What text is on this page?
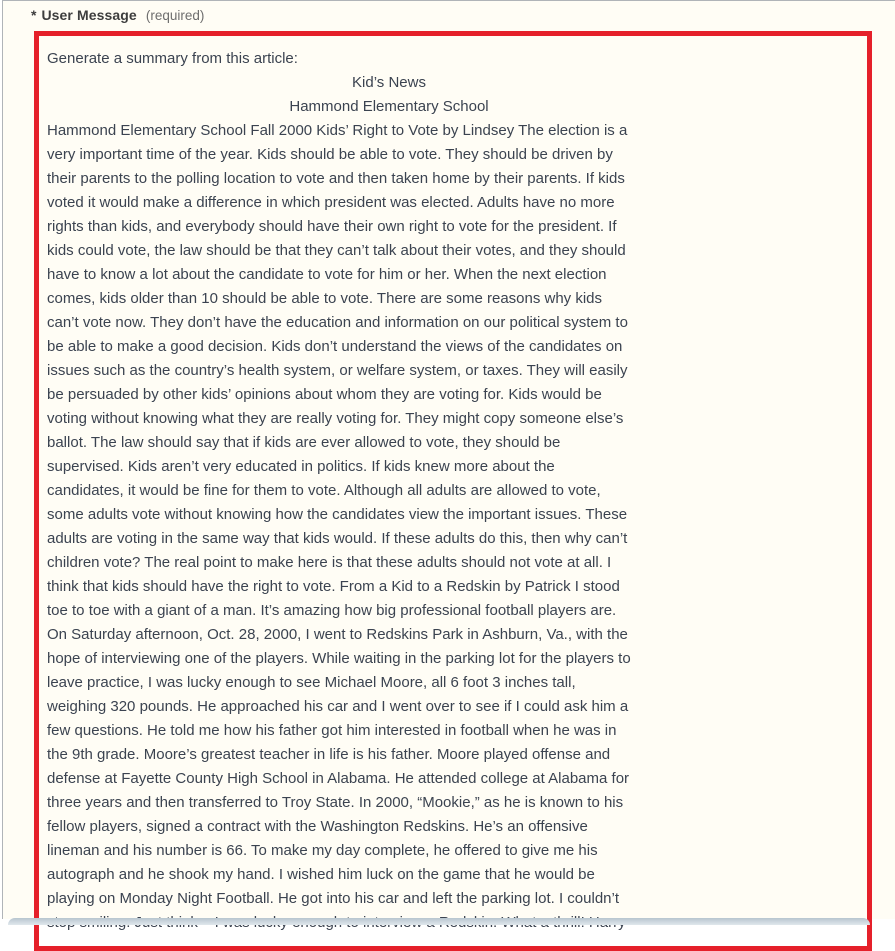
* User Message (required)
Generate a summary from this article:
Kid’s News
Hammond Elementary School
Hammond Elementary School Fall 2000 Kids’ Right to Vote by Lindsey The election is a
very important time of the year. Kids should be able to vote. They should be driven by
their parents to the polling location to vote and then taken home by their parents. If kids
voted it would make a difference in which president was elected. Adults have no more
rights than kids, and everybody should have their own right to vote for the president. If
kids could vote, the law should be that they can’t talk about their votes, and they should
have to know a lot about the candidate to vote for him or her. When the next election
comes, kids older than 10 should be able to vote. There are some reasons why kids
can’t vote now. They don’t have the education and information on our political system to
be able to make a good decision. Kids don’t understand the views of the candidates on
issues such as the country’s health system, or welfare system, or taxes. They will easily
be persuaded by other kids’ opinions about whom they are voting for. Kids would be
voting without knowing what they are really voting for. They might copy someone else’s
ballot. The law should say that if kids are ever allowed to vote, they should be
supervised. Kids aren’t very educated in politics. If kids knew more about the
candidates, it would be fine for them to vote. Although all adults are allowed to vote,
some adults vote without knowing how the candidates view the important issues. These
adults are voting in the same way that kids would. If these adults do this, then why can’t
children vote? The real point to make here is that these adults should not vote at all. I
think that kids should have the right to vote. From a Kid to a Redskin by Patrick I stood
toe to toe with a giant of a man. It’s amazing how big professional football players are.
On Saturday afternoon, Oct. 28, 2000, I went to Redskins Park in Ashburn, Va., with the
hope of interviewing one of the players. While waiting in the parking lot for the players to
leave practice, I was lucky enough to see Michael Moore, all 6 foot 3 inches tall,
weighing 320 pounds. He approached his car and I went over to see if I could ask him a
few questions. He told me how his father got him interested in football when he was in
the 9th grade. Moore’s greatest teacher in life is his father. Moore played offense and
defense at Fayette County High School in Alabama. He attended college at Alabama for
three years and then transferred to Troy State. In 2000, “Mookie,” as he is known to his
fellow players, signed a contract with the Washington Redskins. He’s an offensive
lineman and his number is 66. To make my day complete, he offered to give me his
autograph and he shook my hand. I wished him luck on the game that he would be
playing on Monday Night Football. He got into his car and left the parking lot. I couldn’t
